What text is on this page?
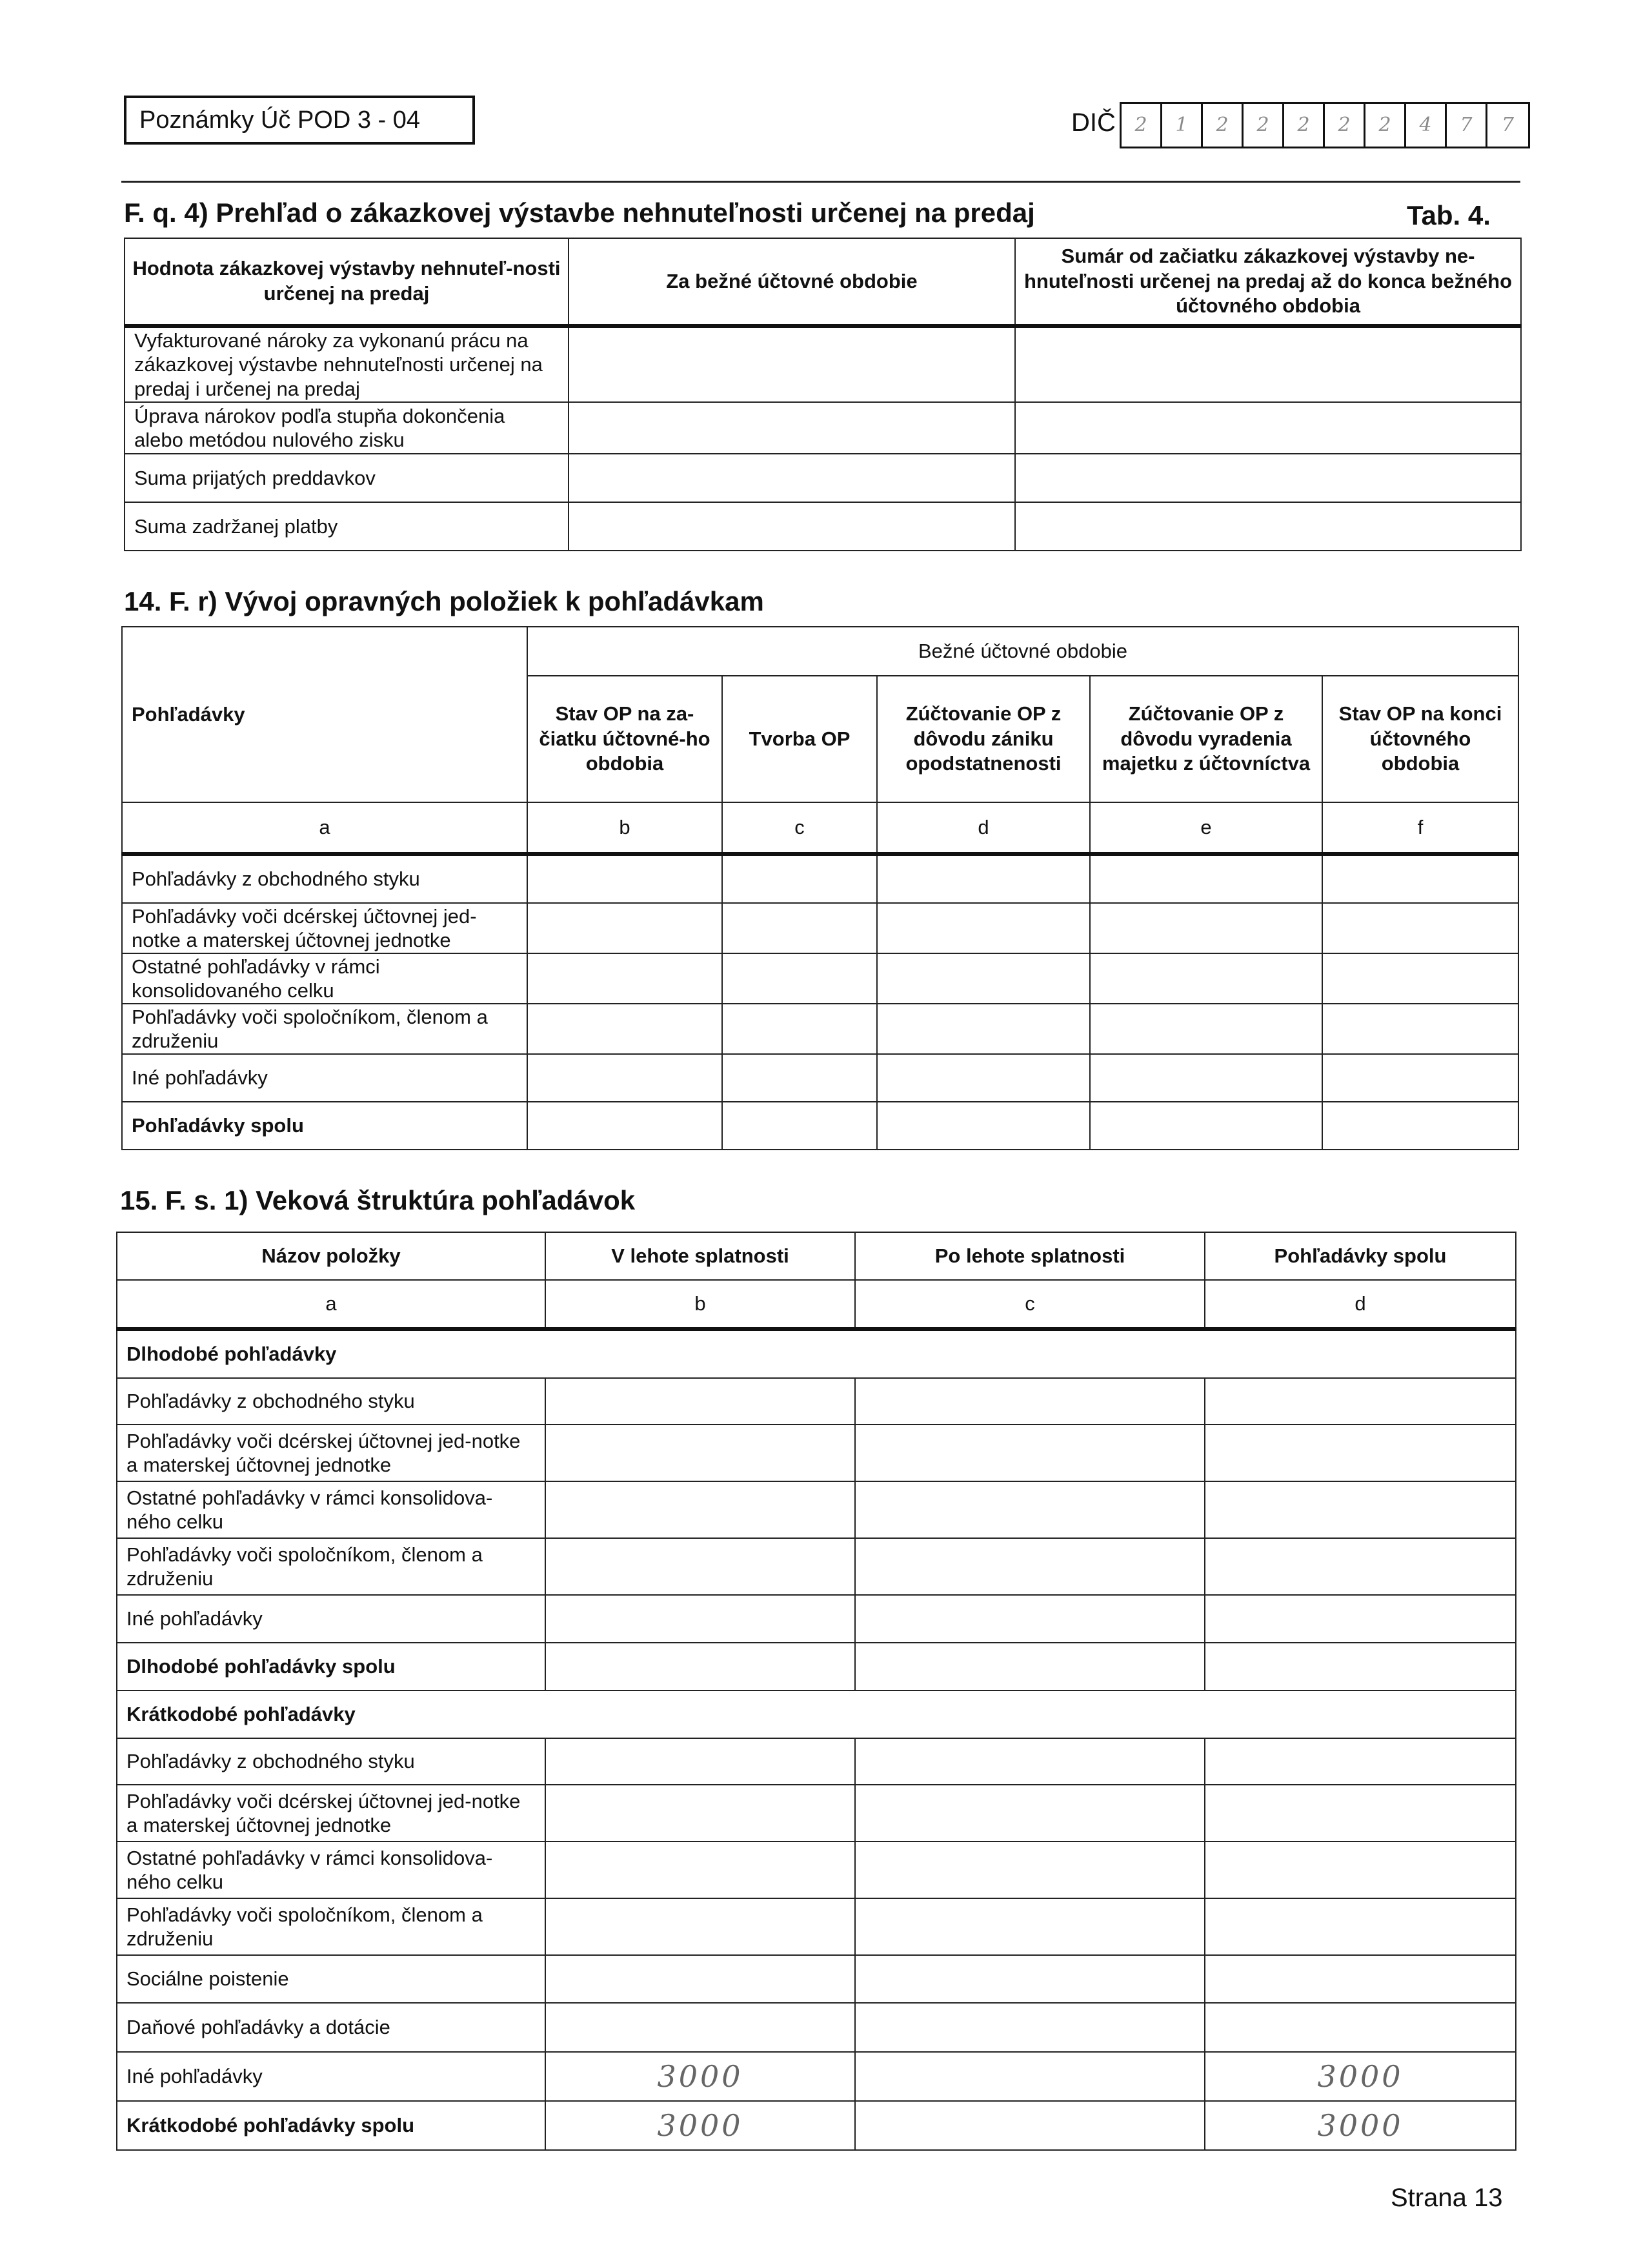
Poznámky Úč POD 3 - 04	DIČ 2	1	2	2	2	2	2	4	7	7
F. q. 4) Prehľad o zákazkovej výstavbe nehnuteľnosti určenej na predaj	Tab. 4.
Hodnota zákazkovej výstavby nehnuteľ-nosti určenej na predaj	Za bežné účtovné obdobie	Sumár od začiatku zákazkovej výstavby ne-hnuteľnosti určenej na predaj až do konca bežného účtovného obdobia
Vyfakturované nároky za vykonanú prácu na zákazkovej výstavbe nehnuteľnosti určenej na predaj i určenej na predaj		
Úprava nárokov podľa stupňa dokončenia alebo metódou nulového zisku		
Suma prijatých preddavkov		
Suma zadržanej platby		
14. F. r) Vývoj opravných položiek k pohľadávkam
Pohľadávky	Bežné účtovné obdobie				
	Stav OP na za-čiatku účtovné-ho obdobia	Tvorba OP	Zúčtovanie OP z dôvodu zániku opodstatnenosti	Zúčtovanie OP z dôvodu vyradenia majetku z účtovníctva	Stav OP na konci účtovného obdobia
a	b	c	d	e	f
Pohľadávky z obchodného styku					
Pohľadávky voči dcérskej účtovnej jed-notke a materskej účtovnej jednotke					
Ostatné pohľadávky v rámci konsolidovaného celku					
Pohľadávky voči spoločníkom, členom a združeniu					
Iné pohľadávky					
Pohľadávky spolu					
15. F. s. 1) Veková štruktúra pohľadávok
Názov položky	V lehote splatnosti	Po lehote splatnosti	Pohľadávky spolu
a	b	c	d
Dlhodobé pohľadávky			
Pohľadávky z obchodného styku			
Pohľadávky voči dcérskej účtovnej jed-notke a materskej účtovnej jednotke			
Ostatné pohľadávky v rámci konsolidova-ného celku			
Pohľadávky voči spoločníkom, členom a združeniu			
Iné pohľadávky			
Dlhodobé pohľadávky spolu			
Krátkodobé pohľadávky			
Pohľadávky z obchodného styku			
Pohľadávky voči dcérskej účtovnej jed-notke a materskej účtovnej jednotke			
Ostatné pohľadávky v rámci konsolidova-ného celku			
Pohľadávky voči spoločníkom, členom a združeniu			
Sociálne poistenie			
Daňové pohľadávky a dotácie			
Iné pohľadávky	3000		3000
Krátkodobé pohľadávky spolu	3000		3000
Strana 13
